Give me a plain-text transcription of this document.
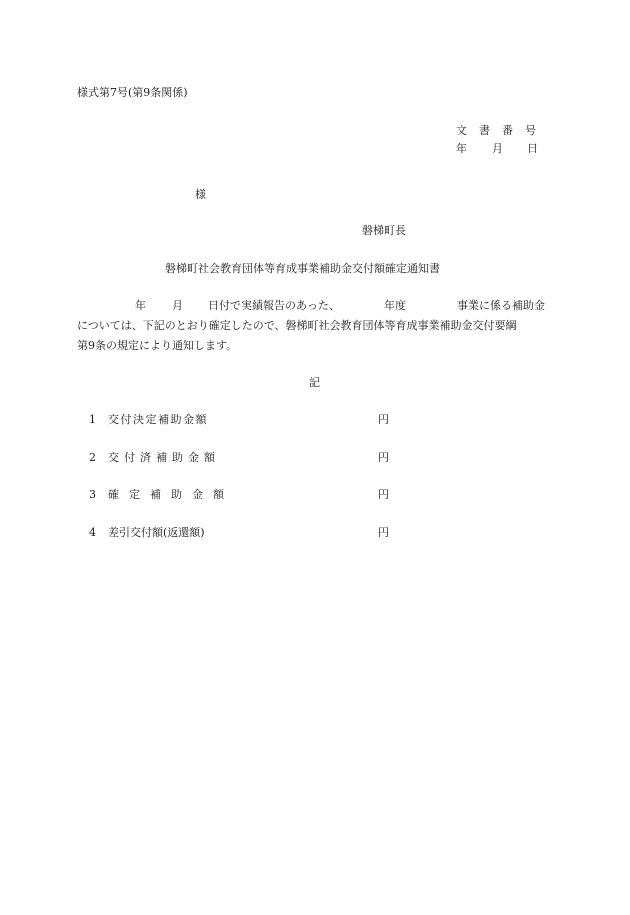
様式第7号(第9条関係)
文書番号
年 月 日
様
磐梯町長
磐梯町社会教育団体等育成事業補助金交付額確定通知書
年 月 日付で実績報告のあった、	年度	事業に係る補助金
については、下記のとおり確定したので、磐梯町社会教育団体等育成事業補助金交付要綱
第9条の規定により通知します。
記
1 交付決定補助金額	円
2 交付済補助金額	円
3 確定補助金額	円
4 差引交付額(返還額)	円
